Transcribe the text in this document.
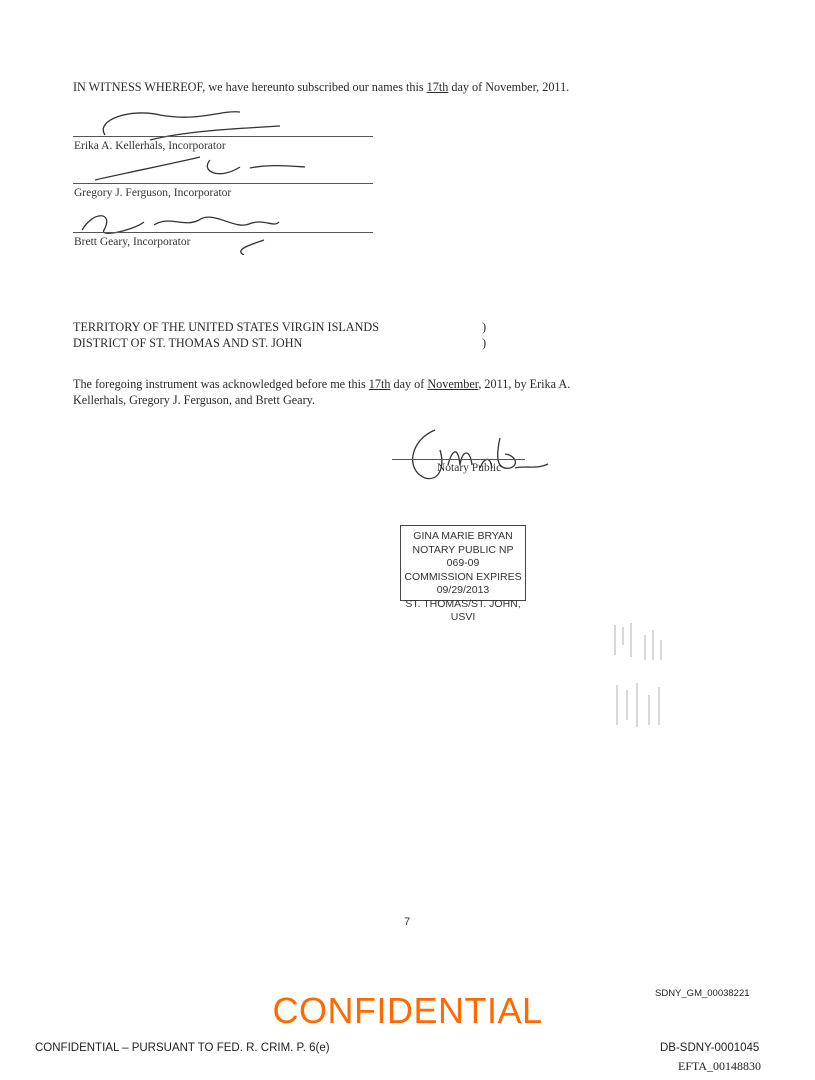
IN WITNESS WHEREOF, we have hereunto subscribed our names this 17th day of November, 2011.
Erika A. Kellerhals, Incorporator
Gregory J. Ferguson, Incorporator
Brett Geary, Incorporator
TERRITORY OF THE UNITED STATES VIRGIN ISLANDS
DISTRICT OF ST. THOMAS AND ST. JOHN
)
)
The foregoing instrument was acknowledged before me this 17th day of November, 2011, by Erika A.
Kellerhals, Gregory J. Ferguson, and Brett Geary.
Notary Public
GINA MARIE BRYAN
NOTARY PUBLIC NP 069-09
COMMISSION EXPIRES 09/29/2013
ST. THOMAS/ST. JOHN, USVI
7
SDNY_GM_00038221
CONFIDENTIAL
CONFIDENTIAL – PURSUANT TO FED. R. CRIM. P. 6(e)	DB-SDNY-0001045
EFTA_00148830
